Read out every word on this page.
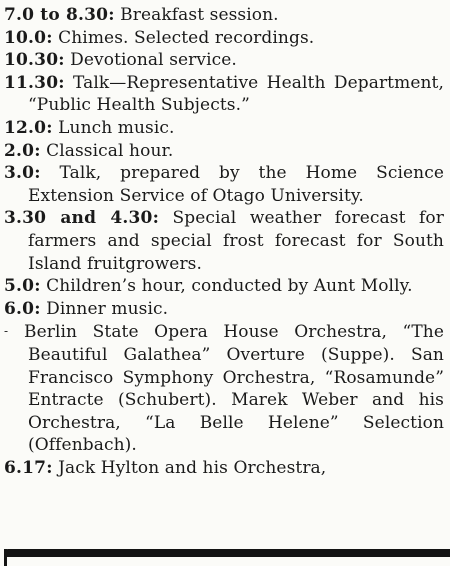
7.0 to 8.30: Breakfast session.

10.0: Chimes. Selected recordings.

10.30: Devotional service.

11.30: Talk—Representative Health Department, “Public Health Subjects.”

12.0: Lunch music.

2.0: Classical hour.

3.0: Talk, prepared by the Home Science Extension Service of Otago University.

3.30 and 4.30: Special weather forecast for farmers and special frost forecast for South Island fruitgrowers.

5.0: Children’s hour, conducted by Aunt Molly.

6.0: Dinner music.

- Berlin State Opera House Orchestra, “The Beautiful Galathea” Overture (Suppe). San Francisco Symphony Orchestra, “Rosamunde” Entracte (Schubert). Marek Weber and his Orchestra, “La Belle Helene” Selection (Offenbach).

6.17: Jack Hylton and his Orchestra,
